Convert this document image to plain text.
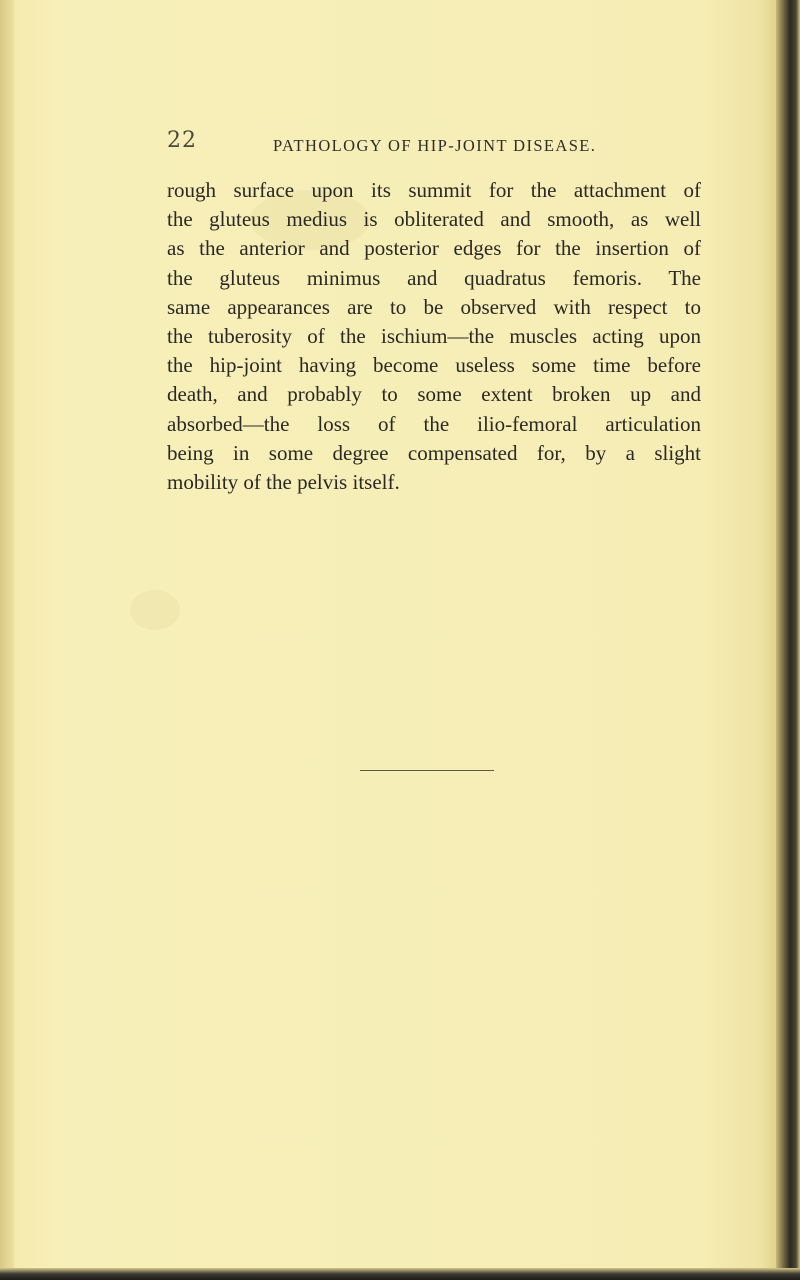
22	PATHOLOGY OF HIP-JOINT DISEASE.
rough surface upon its summit for the attachment of
the gluteus medius is obliterated and smooth, as well
as the anterior and posterior edges for the insertion of
the gluteus minimus and quadratus femoris. The
same appearances are to be observed with respect to
the tuberosity of the ischium—the muscles acting upon
the hip-joint having become useless some time before
death, and probably to some extent broken up and
absorbed—the loss of the ilio-femoral articulation
being in some degree compensated for, by a slight
mobility of the pelvis itself.
